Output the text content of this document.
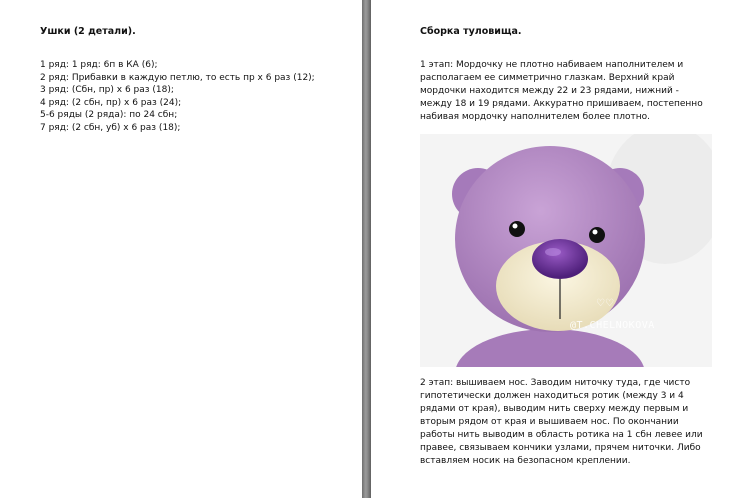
Ушки (2 детали).
1 ряд: 1 ряд: 6п в КА (6);
2 ряд: Прибавки в каждую петлю, то есть пр х 6 раз (12);
3 ряд: (Сбн, пр) х 6 раз (18);
4 ряд: (2 сбн, пр) х 6 раз (24);
5-6 ряды (2 ряда): по 24 сбн;
7 ряд: (2 сбн, уб) х 6 раз (18);
Сборка туловища.

1 этап: Мордочку не плотно набиваем наполнителем и располагаем ее симметрично глазкам. Верхний край мордочки находится между 22 и 23 рядами, нижний - между 18 и 19 рядами. Аккуратно пришиваем, постепенно набивая мордочку наполнителем более плотно.

♡♡
@T.CHELNOKOVA

2 этап: вышиваем нос. Заводим ниточку туда, где чисто гипотетически должен находиться ротик (между 3 и 4 рядами от края), выводим нить сверху между первым и вторым рядом от края и вышиваем нос. По окончании работы нить выводим в область ротика на 1 сбн левее или правее, связываем кончики узлами, прячем ниточки. Либо вставляем носик на безопасном креплении.
